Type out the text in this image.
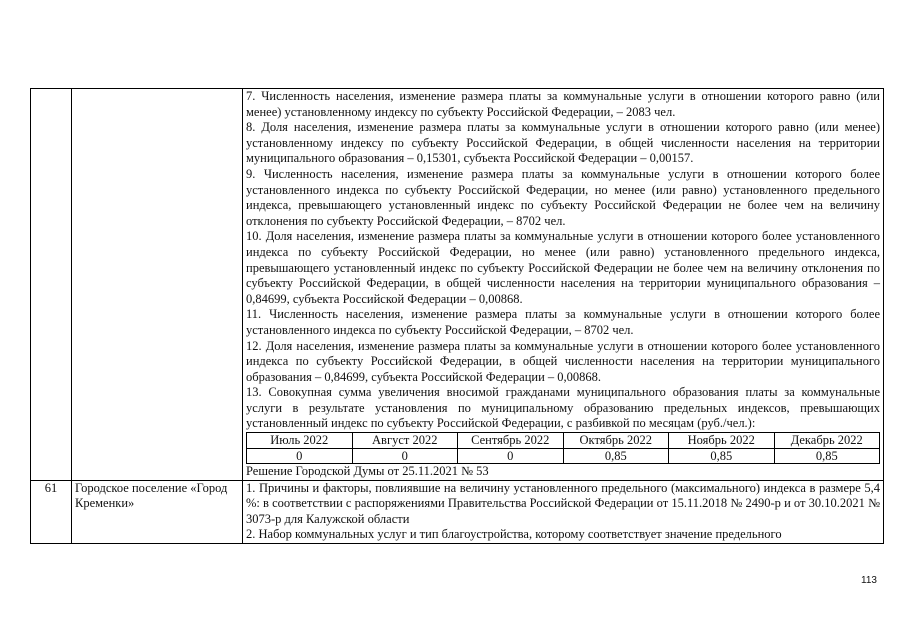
7. Численность населения, изменение размера платы за коммунальные услуги в отношении которого равно (или менее) установленному индексу по субъекту Российской Федерации, – 2083 чел.

8. Доля населения, изменение размера платы за коммунальные услуги в отношении которого равно (или менее) установленному индексу по субъекту Российской Федерации, в общей численности населения на территории муниципального образования – 0,15301, субъекта Российской Федерации – 0,00157.

9. Численность населения, изменение размера платы за коммунальные услуги в отношении которого более установленного индекса по субъекту Российской Федерации, но менее (или равно) установленного предельного индекса, превышающего установленный индекс по субъекту Российской Федерации не более чем на величину отклонения по субъекту Российской Федерации, – 8702 чел.

10. Доля населения, изменение размера платы за коммунальные услуги в отношении которого более установленного индекса по субъекту Российской Федерации, но менее (или равно) установленного предельного индекса, превышающего установленный индекс по субъекту Российской Федерации не более чем на величину отклонения по субъекту Российской Федерации, в общей численности населения на территории муниципального образования – 0,84699, субъекта Российской Федерации – 0,00868.

11. Численность населения, изменение размера платы за коммунальные услуги в отношении которого более установленного индекса по субъекту Российской Федерации, – 8702 чел.

12. Доля населения, изменение размера платы за коммунальные услуги в отношении которого более установленного индекса по субъекту Российской Федерации, в общей численности населения на территории муниципального образования – 0,84699, субъекта Российской Федерации – 0,00868.

13. Совокупная сумма увеличения вносимой гражданами муниципального образования платы за коммунальные услуги в результате установления по муниципальному образованию предельных индексов, превышающих установленный индекс по субъекту Российской Федерации, с разбивкой по месяцам (руб./чел.):

Июль 2022	Август 2022	Сентябрь 2022	Октябрь 2022	Ноябрь 2022	Декабрь 2022
0	0	0	0,85	0,85	0,85

Решение Городской Думы от 25.11.2021 № 53

61	Городское поселение «Город Кременки»	

1. Причины и факторы, повлиявшие на величину установленного предельного (максимального) индекса в размере 5,4 %: в соответствии с распоряжениями Правительства Российской Федерации от 15.11.2018 № 2490-р и от 30.10.2021 № 3073-р для Калужской области

2. Набор коммунальных услуг и тип благоустройства, которому соответствует значение предельного

113
